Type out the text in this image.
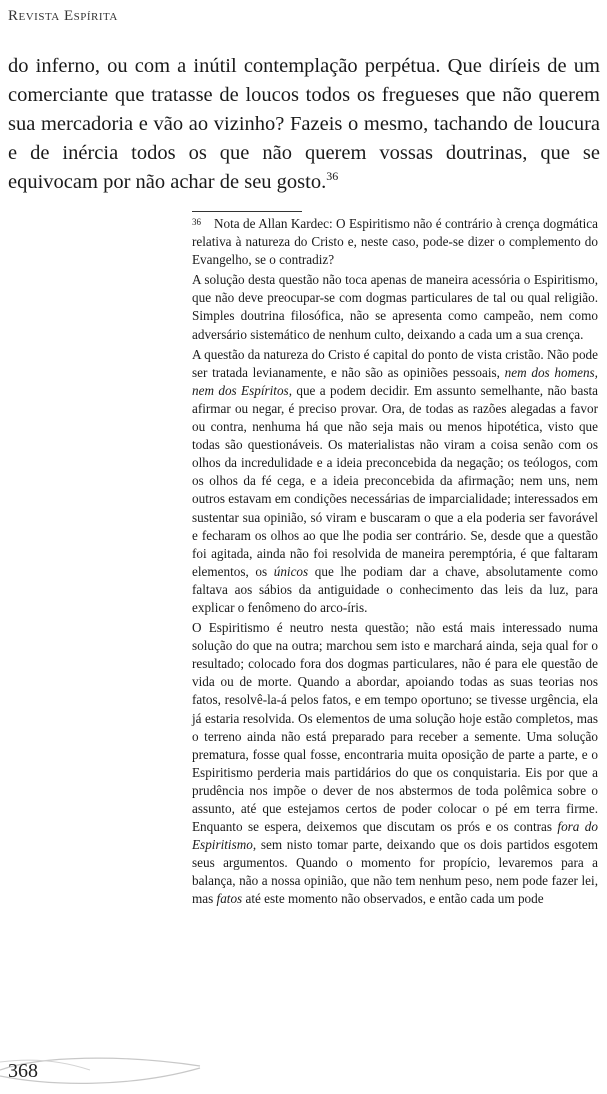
Revista Espírita
do inferno, ou com a inútil contemplação perpétua. Que diríeis de um comerciante que tratasse de loucos todos os fregueses que não querem sua mercadoria e vão ao vizinho? Fazeis o mesmo, tachando de loucura e de inércia todos os que não querem vossas doutrinas, que se equivocam por não achar de seu gosto.$^{36}$

36 Nota de Allan Kardec: O Espiritismo não é contrário à crença dogmática relativa à natureza do Cristo e, neste caso, pode-se dizer o complemento do Evangelho, se o contradiz?

A solução desta questão não toca apenas de maneira acessória o Espiritismo, que não deve preocupar-se com dogmas particulares de tal ou qual religião. Simples doutrina filosófica, não se apresenta como campeão, nem como adversário sistemático de nenhum culto, deixando a cada um a sua crença.

A questão da natureza do Cristo é capital do ponto de vista cristão. Não pode ser tratada levianamente, e não são as opiniões pessoais, nem dos homens, nem dos Espíritos, que a podem decidir. Em assunto semelhante, não basta afirmar ou negar, é preciso provar. Ora, de todas as razões alegadas a favor ou contra, nenhuma há que não seja mais ou menos hipotética, visto que todas são questionáveis. Os materialistas não viram a coisa senão com os olhos da incredulidade e a ideia preconcebida da negação; os teólogos, com os olhos da fé cega, e a ideia preconcebida da afirmação; nem uns, nem outros estavam em condições necessárias de imparcialidade; interessados em sustentar sua opinião, só viram e buscaram o que a ela poderia ser favorável e fecharam os olhos ao que lhe podia ser contrário. Se, desde que a questão foi agitada, ainda não foi resolvida de maneira peremptória, é que faltaram elementos, os únicos que lhe podiam dar a chave, absolutamente como faltava aos sábios da antiguidade o conhecimento das leis da luz, para explicar o fenômeno do arco-íris.

O Espiritismo é neutro nesta questão; não está mais interessado numa solução do que na outra; marchou sem isto e marchará ainda, seja qual for o resultado; colocado fora dos dogmas particulares, não é para ele questão de vida ou de morte. Quando a abordar, apoiando todas as suas teorias nos fatos, resolvê-la-á pelos fatos, e em tempo oportuno; se tivesse urgência, ela já estaria resolvida. Os elementos de uma solução hoje estão completos, mas o terreno ainda não está preparado para receber a semente. Uma solução prematura, fosse qual fosse, encontraria muita oposição de parte a parte, e o Espiritismo perderia mais partidários do que os conquistaria. Eis por que a prudência nos impõe o dever de nos abstermos de toda polêmica sobre o assunto, até que estejamos certos de poder colocar o pé em terra firme. Enquanto se espera, deixemos que discutam os prós e os contras fora do Espiritismo, sem nisto tomar parte, deixando que os dois partidos esgotem seus argumentos. Quando o momento for propício, levaremos para a balança, não a nossa opinião, que não tem nenhum peso, nem pode fazer lei, mas fatos até este momento não observados, e então cada um pode

368
